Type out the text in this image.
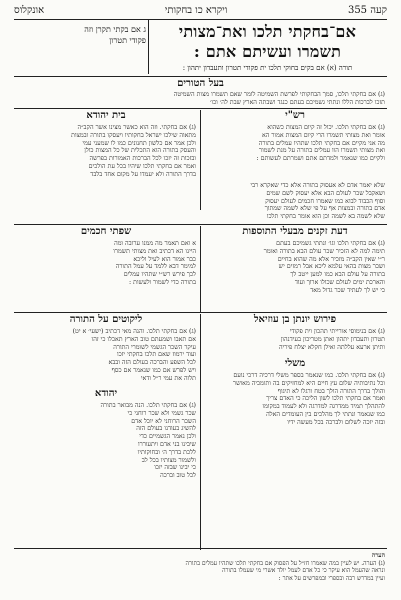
קעה 355
ויקרא כו בחקותי
אונקלוס
אם־בחקתי תלכו ואת־מצותי
תשמרו ועשיתם אתם :
ג אם בקתי תקרן וזה
פקודי תטרון
תורה (א) אם בקים בחוקי תלכו ית פקודי תטרון ותעבדון יתהון :
בעל הטורים
(ג) אם בחקתי תלכו, סמך הבחקותי לפרשת השמיטה לומר שאם תשמרו מצות השמיטה
תזכו לברכות הללו ונתתי גשמיכם בעתם כנגד ושבתה הארץ שבת לה׳ וכו׳
רש"י
בית יהודא
(ג) אם בחקתי תלכו. יכול זה קיום המצות כשהוא
אומר ואת מצותי תשמרו הרי קיום המצות אמור הא
מה אני מקיים אם בחקתי תלכו שתהיו עמלים בתורה
ואת מצותי תשמרו הוו עמלים בתורה על מנת לשמור
ולקיים כמו שנאמר ולמדתם אתם ושמרתם לעשותם :
(ג) אם בחקתי. וזה הוא כאשר מצינו אשר הקב״ה
מתאוה שילכו ישראל בחקותיו ויעסקו בתורה ובמצות
ולכן אמר אם כלשון תחנונים כמו לו שמעני עמי
והעסק בתורה הוא התכלית של כל המצות כולן
ובזכות זה יזכו לכל הברכות האמורות בפרשה
ואמר אם בחקתי תלכו שיהיו בכל עת הולכים
בדרך התורה ולא יעמדו על מקום אחד בלבד
שלא יאמר אדם לא אעסוק בתורה אלא כדי שאקרא רבי
ושאקבל שכר לעולם הבא אלא יעסוק לשם שמים
וסוף הכבוד לבוא כמו שאמרו חכמים לעולם יעסוק
אדם בתורה ובמצות אף על פי שלא לשמה שמתוך
שלא לשמה בא לשמה וכן הוא אומר בחקתי תלכו
דעת זקנים מבעלי התוספות
שפתי חכמים
(ג) אם בחקתי תלכו וגו׳ ונתתי גשמיכם בעתם
תימה למה לא הזכיר שכר עולם הבא בתורה ואומר
ר״י שאין הקב״ה מזכיר אלא מה שהוא בחיים
ושכר מצות בהאי עלמא ליכא אבל רמזים יש
בתורה על עולם הבא כמו למען ייטב לך
והארכת ימים לעולם שכולו ארוך ועוד
כי יש לך לעתיד שכר גדול מאד
א ואם תאמר מה ממנו ערובה ומה
היינו הא דכתיב ואת מצותי תשמרו
כבר אמור הוא לעיל וליכא
למימר דבא ללמד על עמל התורה
לכך פירש רש״י שתהיו עמלים
בתורה כדי לשמור ולעשות :
פירוש יונתן בן עוזיאל
ליקוטים על התורה
(ג) אם בנימוסי אורייתי תהכון וית פקודי
תטרון ותעבדון יתהון ואתן מטריכון בעידנהון
ותיתן ארעא עללתה ואילן חקלא יצלח פיריה
(ג) אם בחקתי תלכו. והנה מאי דכתיב (ישעי׳ א יט)
אם תאבו ושמעתם טוב הארץ תאכלו כי זהו
עיקר השכר הגשמי לשומרי התורה
ועוד ירמוז שאם תלכו בחקתי יזכו
לכל השפע והברכה בעולם הזה ובבא
ויש לפרש אם כמו שנאמר אם כסף
תלוה את עמי ר״ל ודאי
משלי
(ג) אם בחקתי תלכו. כמו שנאמר בספר משלי דרכיה דרכי נועם
וכל נתיבותיה שלום עץ חיים היא למחזיקים בה ותומכיה מאושר
והולך בדרך התורה הולך בטח ורגלו לא תיגוף
ואמר אם בחקתי תלכו לשון הליכה כי האדם צריך
להתהלך תמיד ממדרגה למדרגה ולא לעמוד במקומו
כמו שנאמר ונתתי לך מהלכים בין העומדים האלה
ובזה יזכה לשלום ולברכה בכל מעשה ידיו
יהודא
(ג) אם בחקתי תלכו. הנה מבואר בתורה
שכר גשמי ולא שכר רוחני כי
השכר הרוחני לא יוכל אדם
להשיג בעודנו בעולם הזה
ולכן נאמר הגשמיים כדי
שיבינו בני אדם ויתעוררו
ללכת בדרך ה׳ ובחוקותיו
ולשמור מצותיו בכל לב
כי יבינו שבזה יזכו
לכל טוב וברכה
הערה
(ג) הערה. יש לעיין במה שאמרו חז״ל על הפסוק אם בחקתי תלכו שתהיו עמלים בתורה
ונראה שהעמל הוא עיקר כי כל אדם לעמל יולד אשרי מי שעמלו בתורה
ועיין במדרש רבה ובספרי ובמפרשים על אתר :
